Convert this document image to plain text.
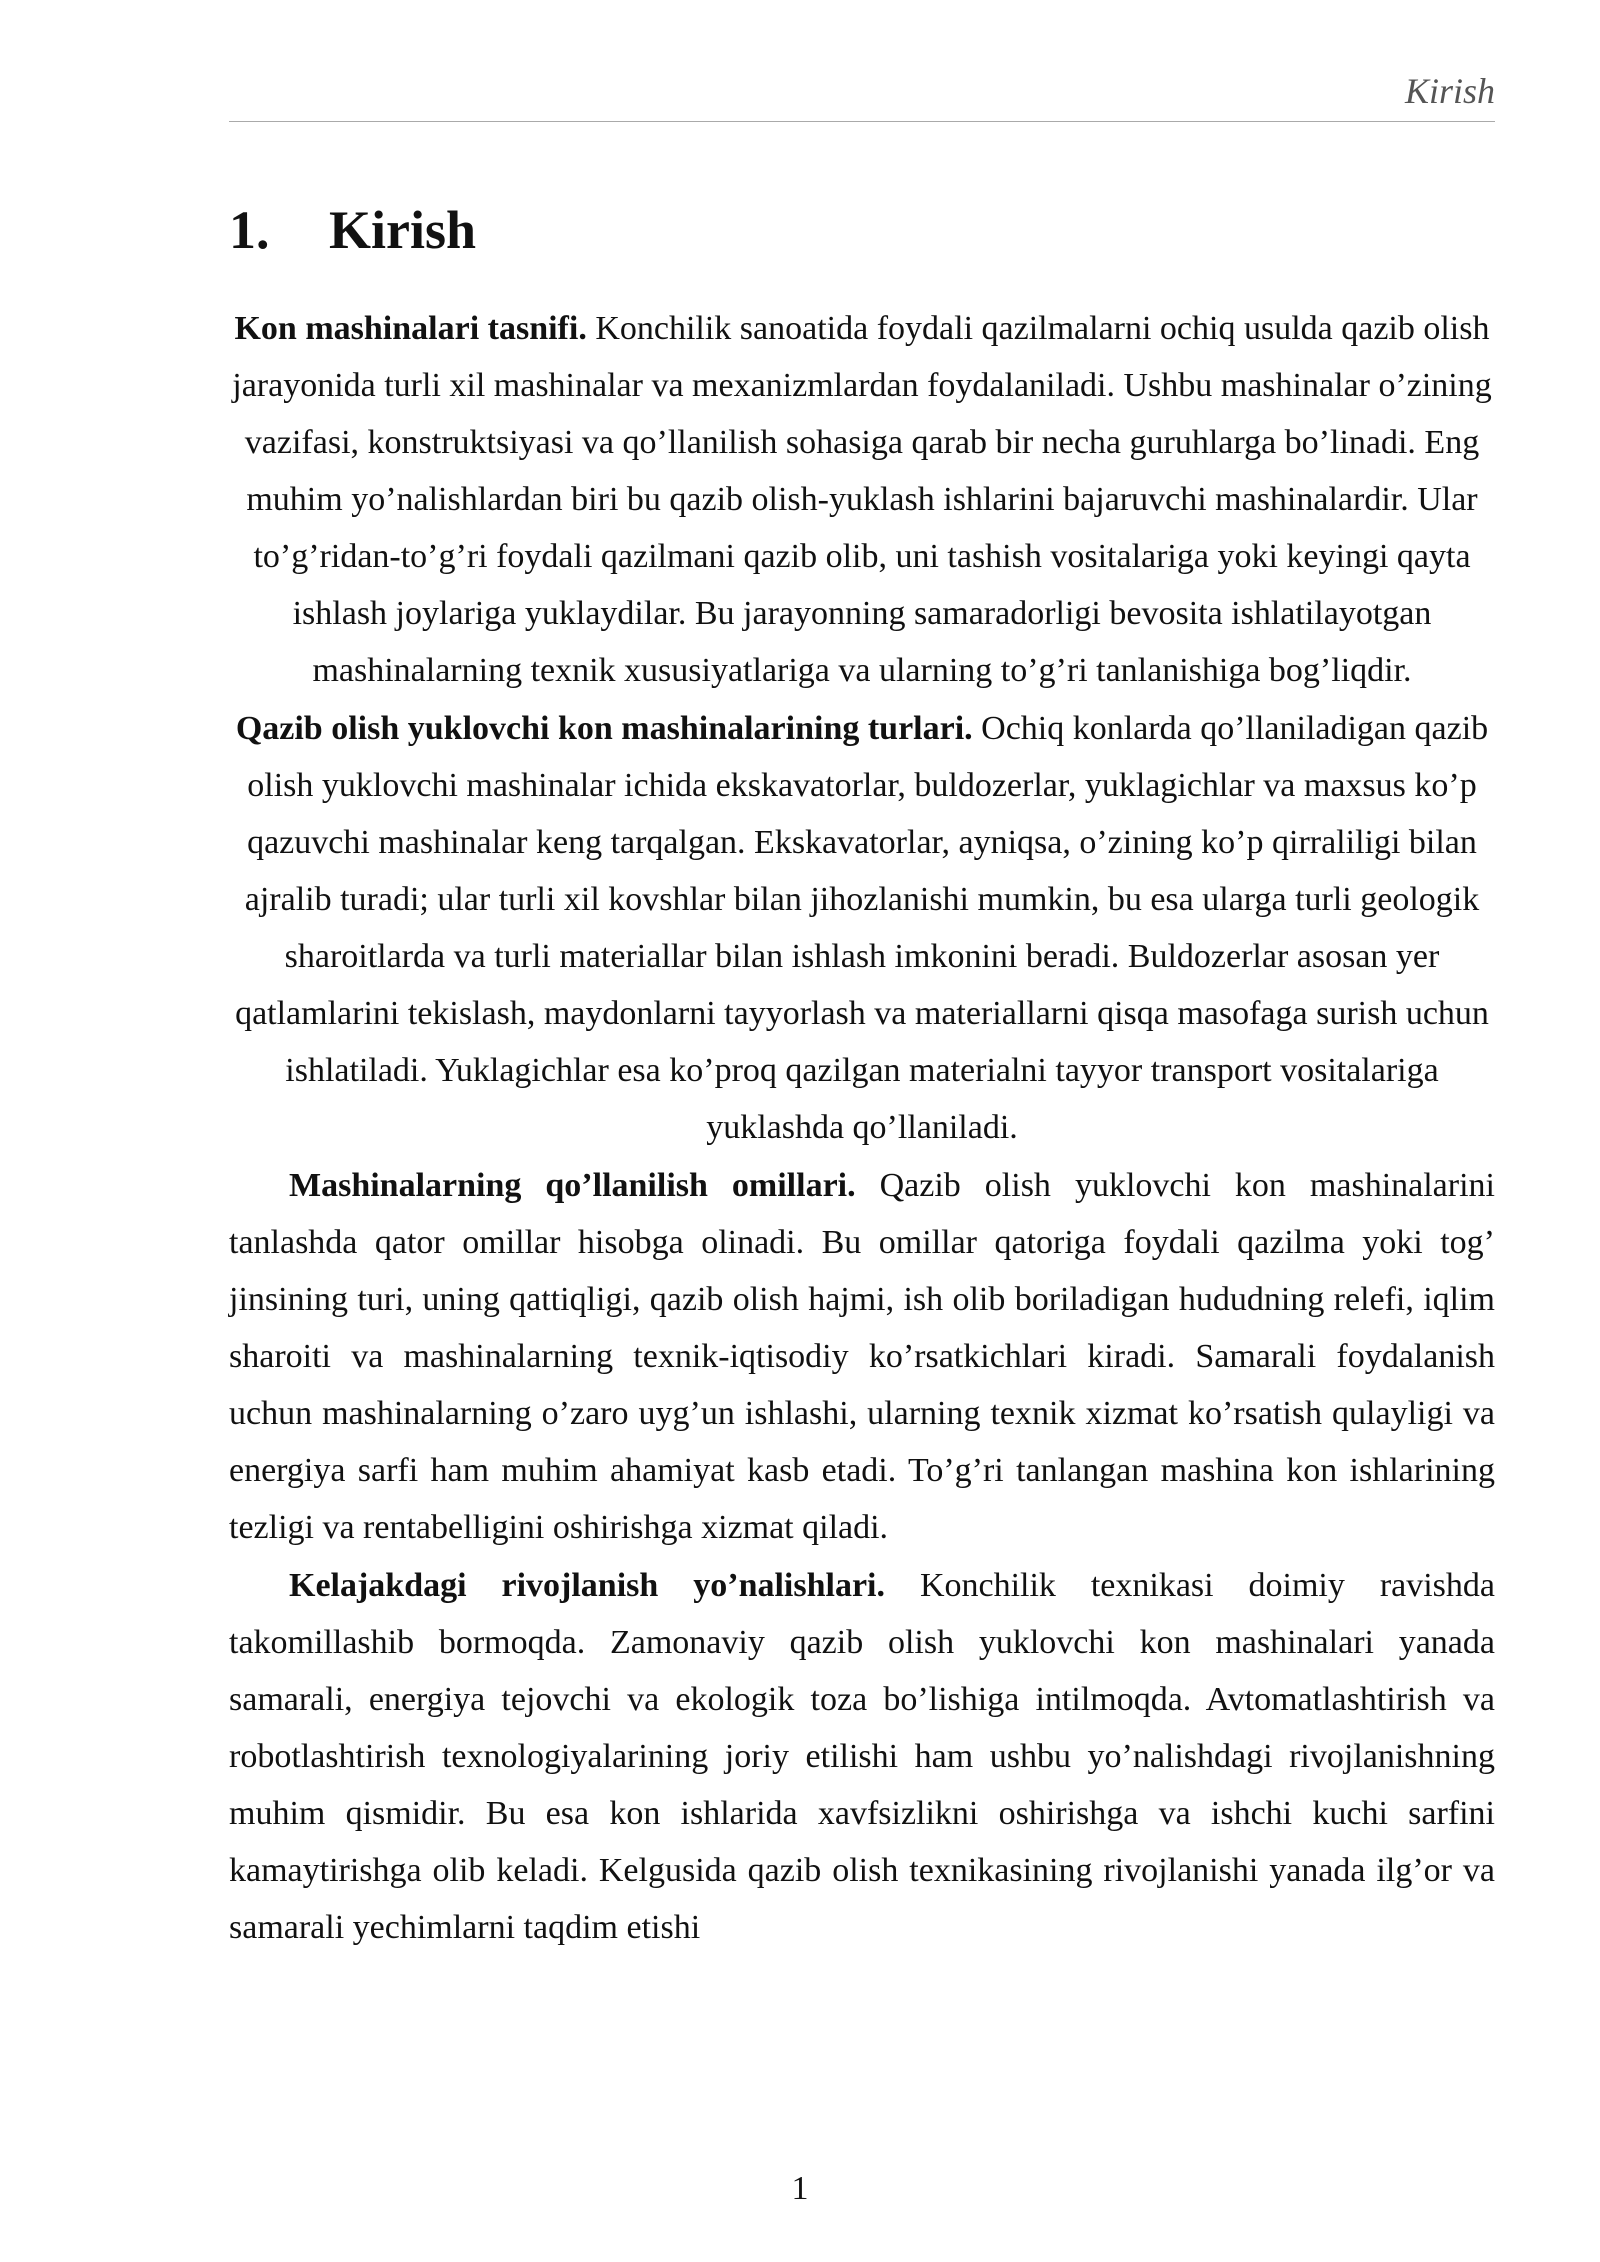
Kirish
1.	Kirish

Kon mashinalari tasnifi. Konchilik sanoatida foydali qazilmalarni ochiq usulda qazib olish jarayonida turli xil mashinalar va mexanizmlardan foydalaniladi. Ushbu mashinalar o’zining vazifasi, konstruktsiyasi va qo’llanilish sohasiga qarab bir necha guruhlarga bo’linadi. Eng muhim yo’nalishlardan biri bu qazib olish-yuklash ishlarini bajaruvchi mashinalardir. Ular to’g’ridan-to’g’ri foydali qazilmani qazib olib, uni tashish vositalariga yoki keyingi qayta ishlash joylariga yuklaydilar. Bu jarayonning samaradorligi bevosita ishlatilayotgan mashinalarning texnik xususiyatlariga va ularning to’g’ri tanlanishiga bog’liqdir.

Qazib olish yuklovchi kon mashinalarining turlari. Ochiq konlarda qo’llaniladigan qazib olish yuklovchi mashinalar ichida ekskavatorlar, buldozerlar, yuklagichlar va maxsus ko’p qazuvchi mashinalar keng tarqalgan. Ekskavatorlar, ayniqsa, o’zining ko’p qirraliligi bilan ajralib turadi; ular turli xil kovshlar bilan jihozlanishi mumkin, bu esa ularga turli geologik sharoitlarda va turli materiallar bilan ishlash imkonini beradi. Buldozerlar asosan yer qatlamlarini tekislash, maydonlarni tayyorlash va materiallarni qisqa masofaga surish uchun ishlatiladi. Yuklagichlar esa ko’proq qazilgan materialni tayyor transport vositalariga yuklashda qo’llaniladi.

Mashinalarning qo’llanilish omillari. Qazib olish yuklovchi kon mashinalarini tanlashda qator omillar hisobga olinadi. Bu omillar qatoriga foydali qazilma yoki tog’ jinsining turi, uning qattiqligi, qazib olish hajmi, ish olib boriladigan hududning relefi, iqlim sharoiti va mashinalarning texnik-iqtisodiy ko’rsatkichlari kiradi. Samarali foydalanish uchun mashinalarning o’zaro uyg’un ishlashi, ularning texnik xizmat ko’rsatish qulayligi va energiya sarfi ham muhim ahamiyat kasb etadi. To’g’ri tanlangan mashina kon ishlarining tezligi va rentabelligini oshirishga xizmat qiladi.

Kelajakdagi rivojlanish yo’nalishlari. Konchilik texnikasi doimiy ravishda takomillashib bormoqda. Zamonaviy qazib olish yuklovchi kon mashinalari yanada samarali, energiya tejovchi va ekologik toza bo’lishiga intilmoqda. Avtomatlashtirish va robotlashtirish texnologiyalarining joriy etilishi ham ushbu yo’nalishdagi rivojlanishning muhim qismidir. Bu esa kon ishlarida xavfsizlikni oshirishga va ishchi kuchi sarfini kamaytirishga olib keladi. Kelgusida qazib olish texnikasining rivojlanishi yanada ilg’or va samarali yechimlarni taqdim etishi

1
